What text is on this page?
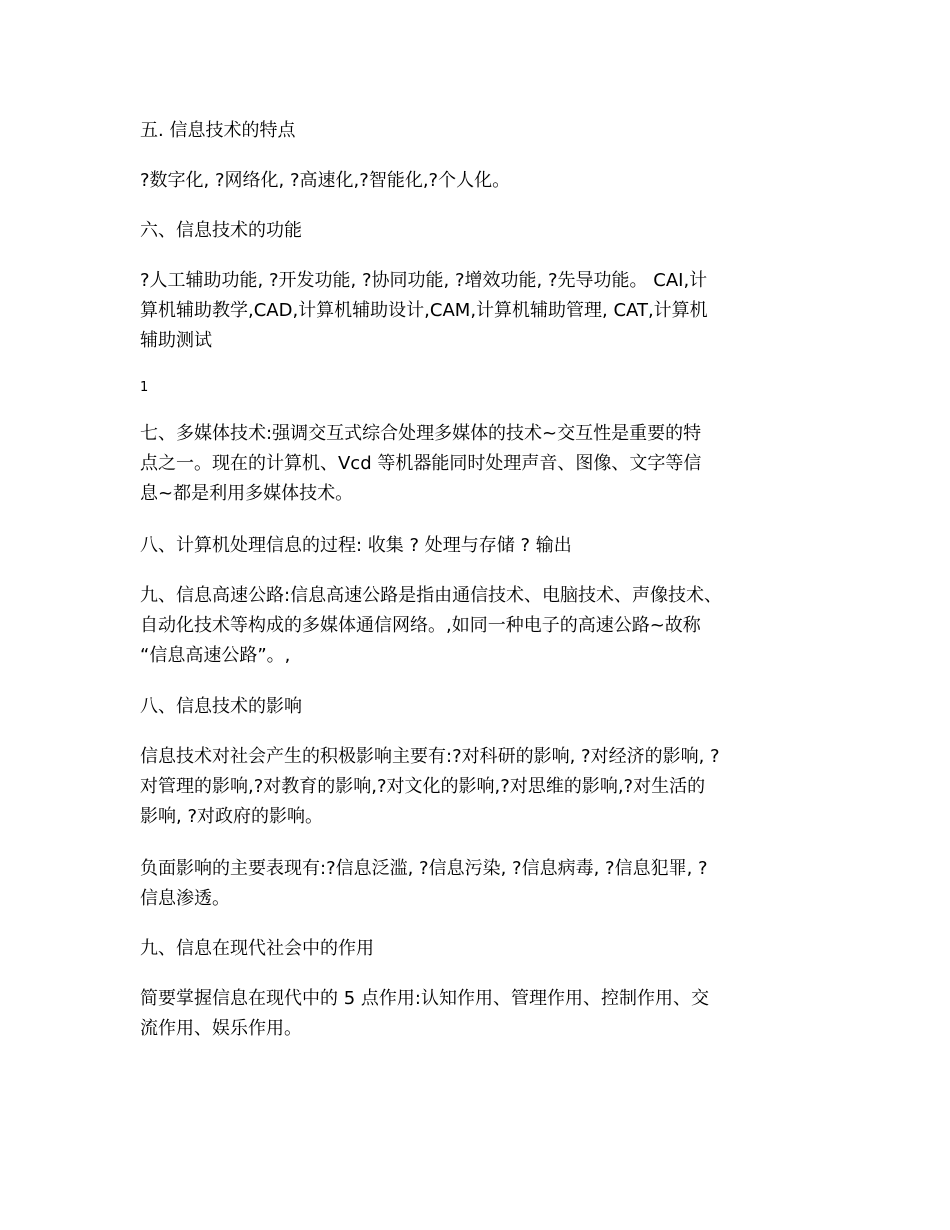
五. 信息技术的特点

?数字化, ?网络化, ?高速化,?智能化,?个人化。

六、信息技术的功能

?人工辅助功能, ?开发功能, ?协同功能, ?增效功能, ?先导功能。 CAI,计
算机辅助教学,CAD,计算机辅助设计,CAM,计算机辅助管理, CAT,计算机
辅助测试

1

七、多媒体技术:强调交互式综合处理多媒体的技术~交互性是重要的特
点之一。现在的计算机、Vcd 等机器能同时处理声音、图像、文字等信
息~都是利用多媒体技术。

八、计算机处理信息的过程: 收集 ? 处理与存储 ? 输出

九、信息高速公路:信息高速公路是指由通信技术、电脑技术、声像技术、
自动化技术等构成的多媒体通信网络。,如同一种电子的高速公路~故称
“信息高速公路”。,

八、信息技术的影响

信息技术对社会产生的积极影响主要有:?对科研的影响, ?对经济的影响, ?
对管理的影响,?对教育的影响,?对文化的影响,?对思维的影响,?对生活的
影响, ?对政府的影响。

负面影响的主要表现有:?信息泛滥, ?信息污染, ?信息病毒, ?信息犯罪, ?
信息渗透。

九、信息在现代社会中的作用

简要掌握信息在现代中的 5 点作用:认知作用、管理作用、控制作用、交
流作用、娱乐作用。
